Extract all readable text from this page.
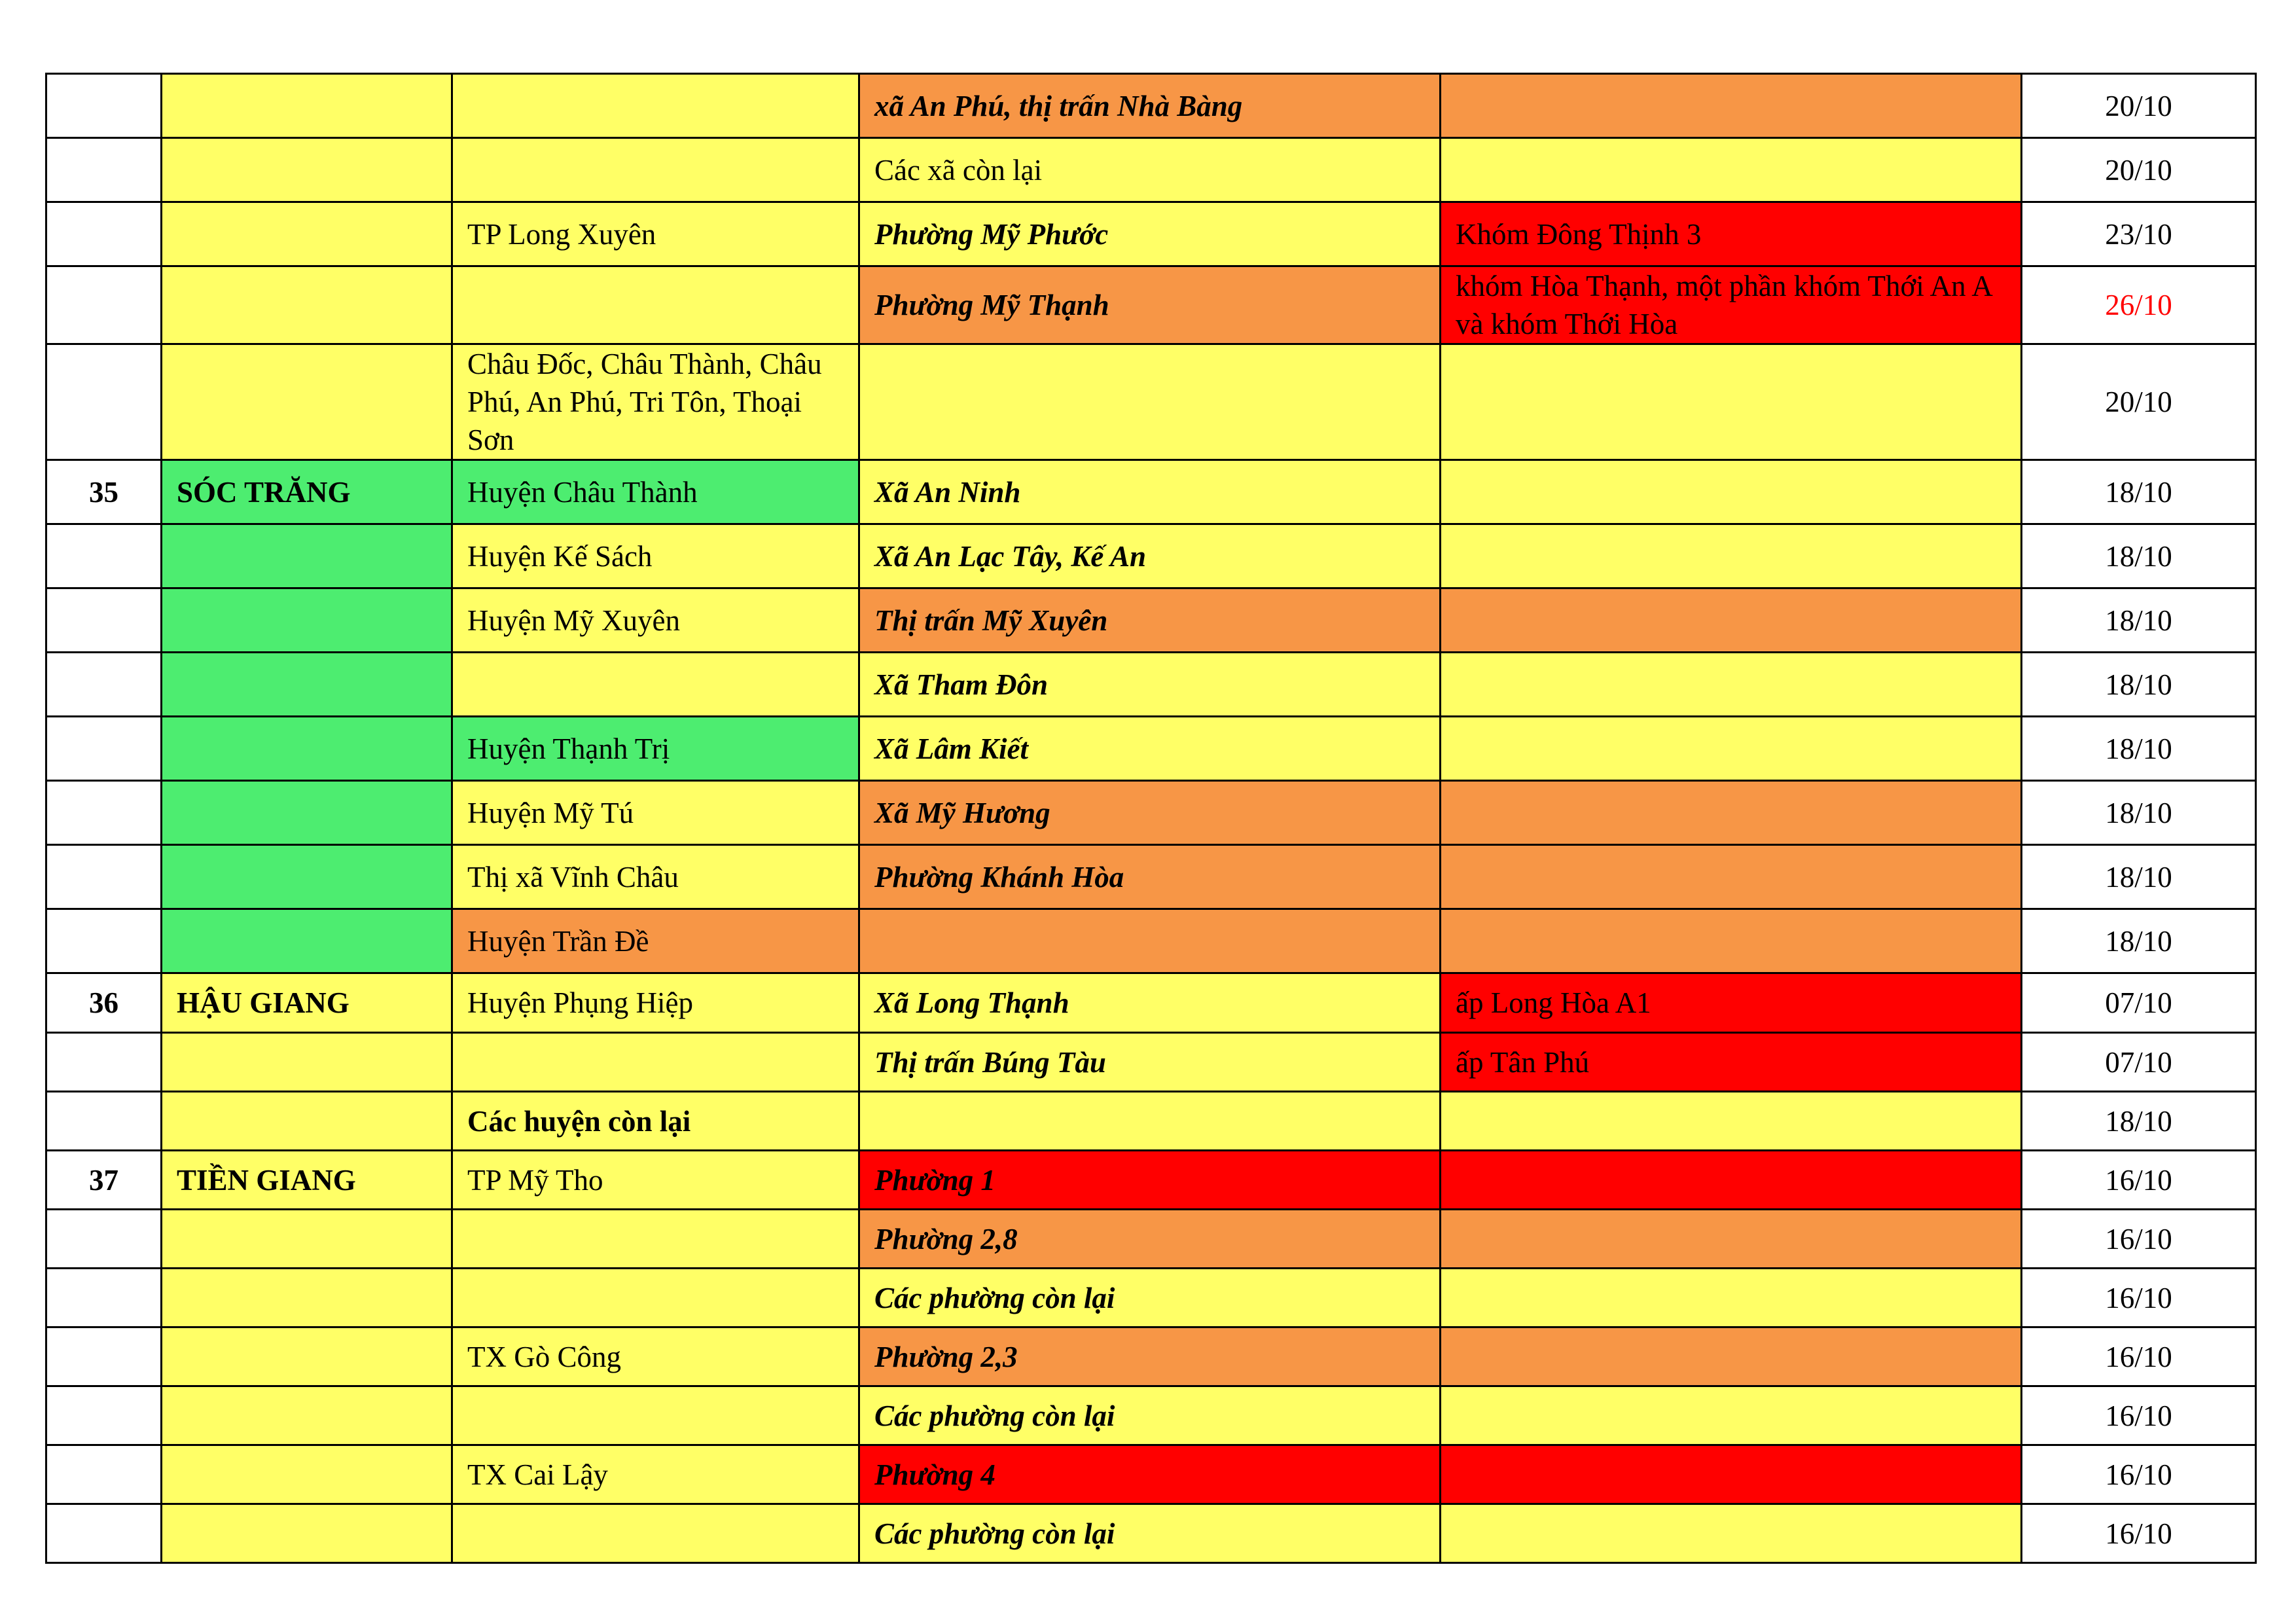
			xã An Phú, thị trấn Nhà Bàng		20/10
			Các xã còn lại		20/10
		TP Long Xuyên	Phường Mỹ Phước	Khóm Đông Thịnh 3	23/10
			Phường Mỹ Thạnh	khóm Hòa Thạnh, một phần khóm Thới An A và khóm Thới Hòa	26/10
		Châu Đốc, Châu Thành, Châu Phú, An Phú, Tri Tôn, Thoại Sơn			20/10
35	SÓC TRĂNG	Huyện Châu Thành	Xã An Ninh		18/10
		Huyện Kế Sách	Xã An Lạc Tây, Kế An		18/10
		Huyện Mỹ Xuyên	Thị trấn Mỹ Xuyên		18/10
			Xã Tham Đôn		18/10
		Huyện Thạnh Trị	Xã Lâm Kiết		18/10
		Huyện Mỹ Tú	Xã Mỹ Hương		18/10
		Thị xã Vĩnh Châu	Phường Khánh Hòa		18/10
		Huyện Trần Đề			18/10
36	HẬU GIANG	Huyện Phụng Hiệp	Xã Long Thạnh	ấp Long Hòa A1	07/10
			Thị trấn Búng Tàu	ấp Tân Phú	07/10
		Các huyện còn lại			18/10
37	TIỀN GIANG	TP Mỹ Tho	Phường 1		16/10
			Phường 2,8		16/10
			Các phường còn lại		16/10
		TX Gò Công	Phường 2,3		16/10
			Các phường còn lại		16/10
		TX Cai Lậy	Phường 4		16/10
			Các phường còn lại		16/10
